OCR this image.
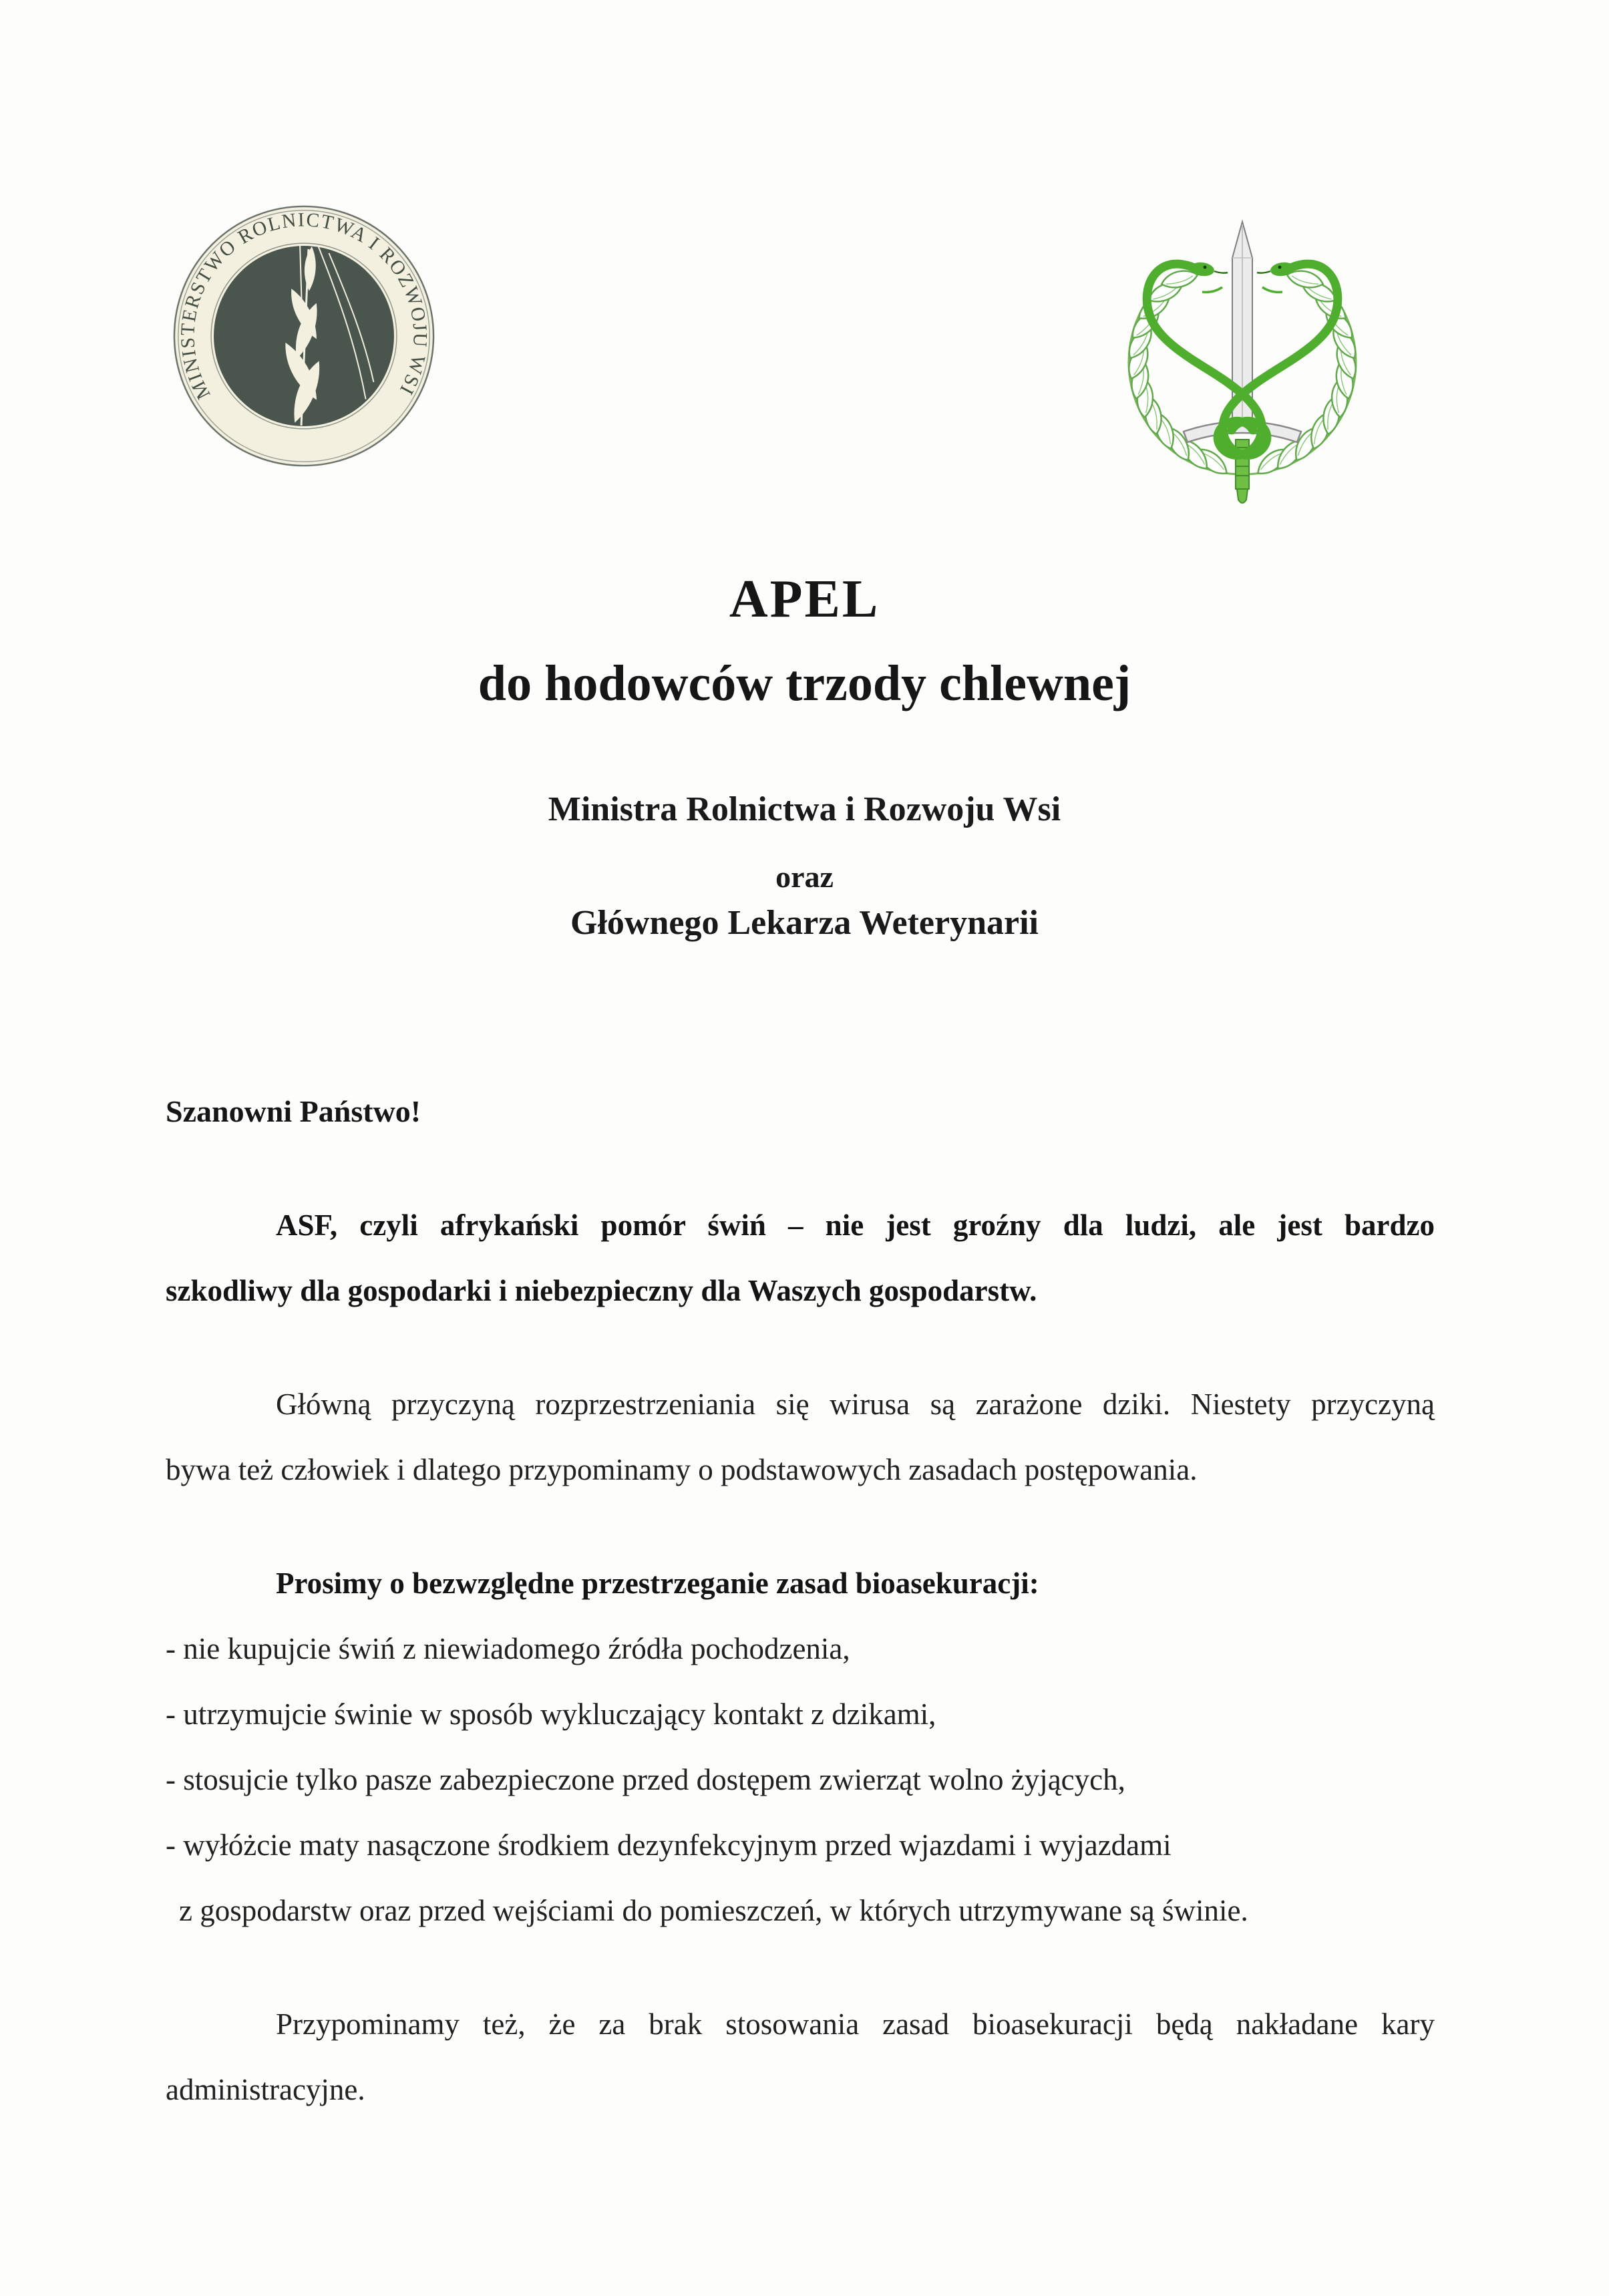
MINISTERSTWO ROLNICTWA I ROZWOJU WSI
APEL
do hodowców trzody chlewnej
Ministra Rolnictwa i Rozwoju Wsi
oraz
Głównego Lekarza Weterynarii
Szanowni Państwo!
ASF, czyli afrykański pomór świń – nie jest groźny dla ludzi, ale jest bardzo
szkodliwy dla gospodarki i niebezpieczny dla Waszych gospodarstw.
Główną przyczyną rozprzestrzeniania się wirusa są zarażone dziki. Niestety przyczyną
bywa też człowiek i dlatego przypominamy o podstawowych zasadach postępowania.
Prosimy o bezwzględne przestrzeganie zasad bioasekuracji:
- nie kupujcie świń z niewiadomego źródła pochodzenia,
- utrzymujcie świnie w sposób wykluczający kontakt z dzikami,
- stosujcie tylko pasze zabezpieczone przed dostępem zwierząt wolno żyjących,
- wyłóżcie maty nasączone środkiem dezynfekcyjnym przed wjazdami i wyjazdami
z gospodarstw oraz przed wejściami do pomieszczeń, w których utrzymywane są świnie.
Przypominamy też, że za brak stosowania zasad bioasekuracji będą nakładane kary
administracyjne.
